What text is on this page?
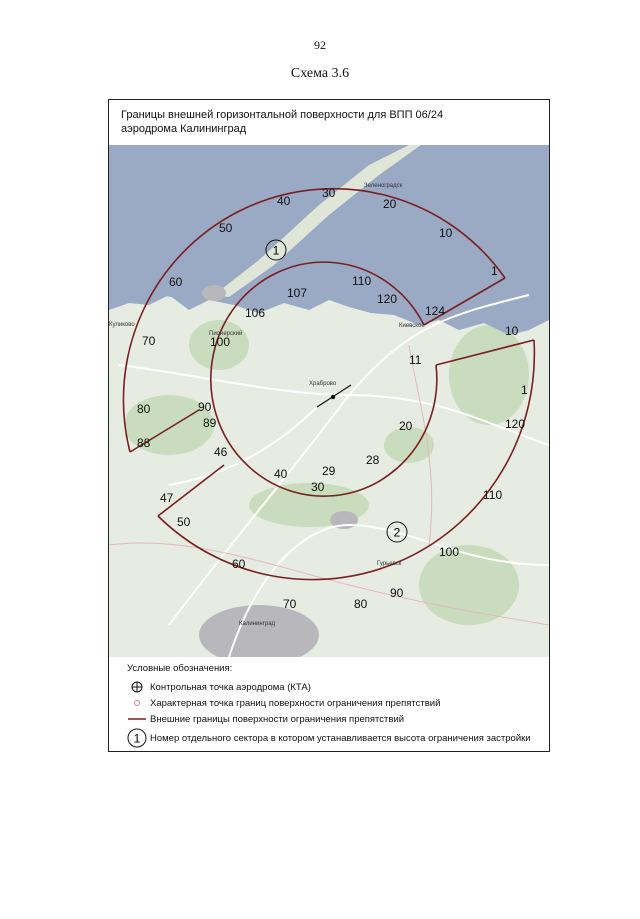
92
Схема 3.6
Границы внешней горизонтальной поверхности для ВПП 06/24
аэродрома Калининград
1
2
Зеленоградск
Пионерский
Киевское
Храброво
Гурьевск
Калининград
Куликово
40
30
20
10
1
50
60
107
110
120
124
10
106
70	100
11
80	90
89
1
120
20
88
46
40	29
28
30
47	110
50
100
60
70	80
90
Условные обозначения:
Контрольная точка аэродрома (КТА)
Характерная точка границ поверхности ограничения препятствий
Внешние границы поверхности ограничения препятствий
1 Номер отдельного сектора в котором устанавливается высота ограничения застройки
